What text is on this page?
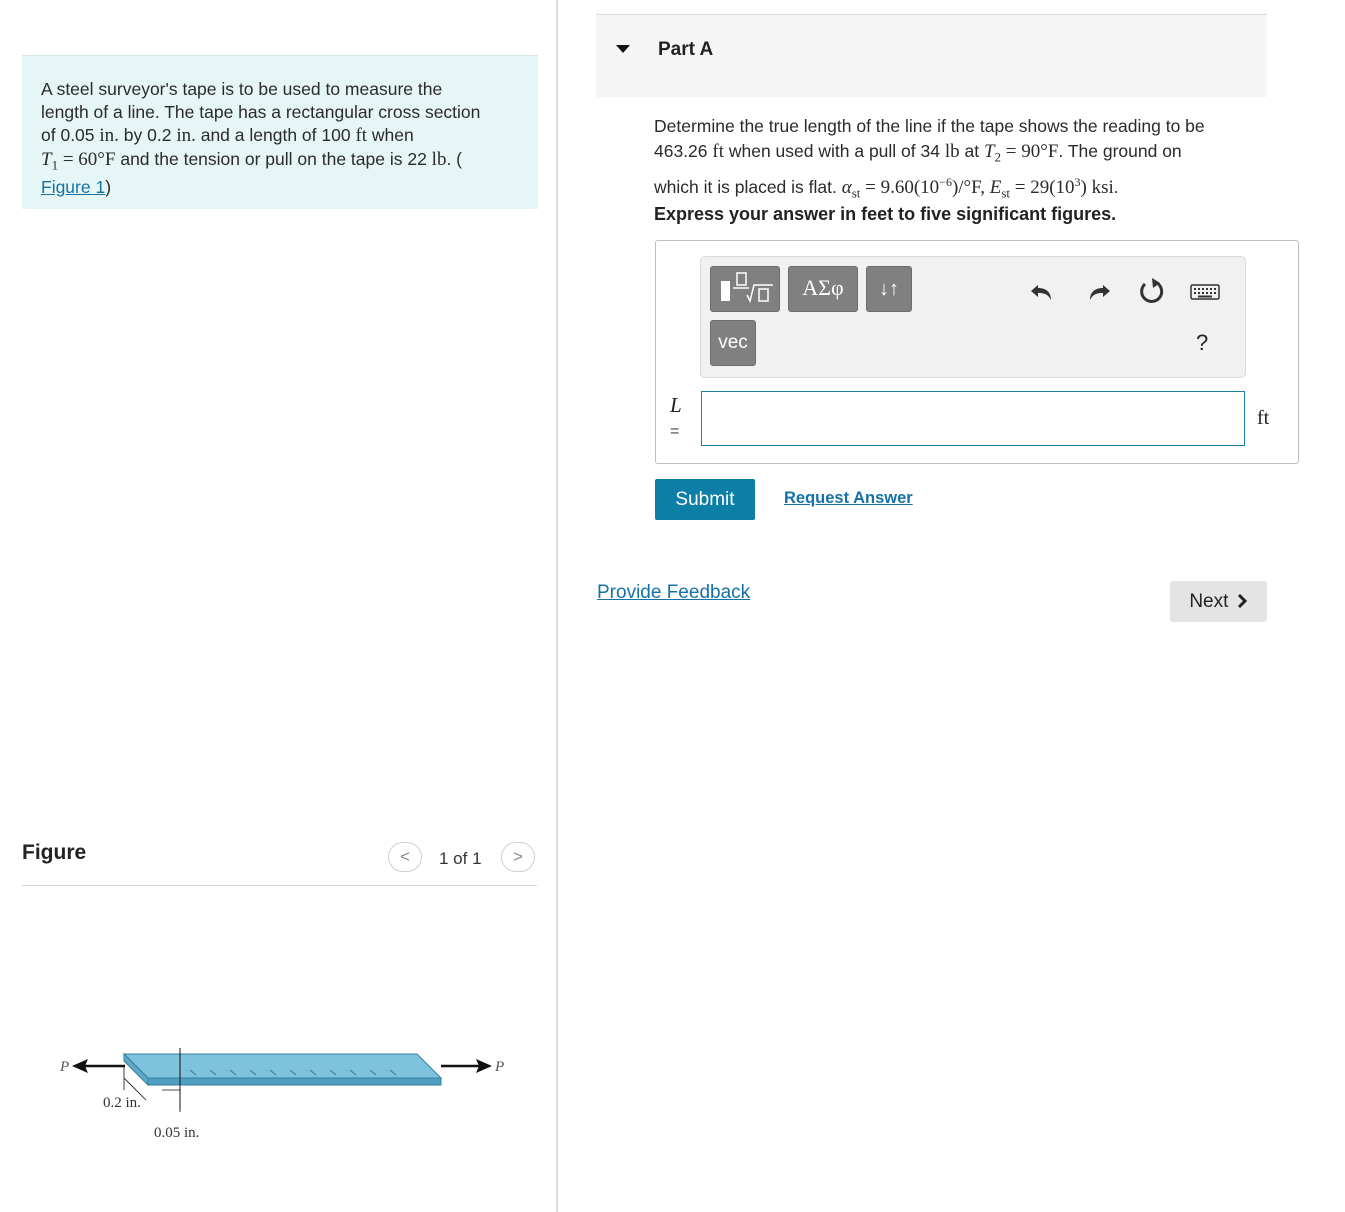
A steel surveyor's tape is to be used to measure the
length of a line. The tape has a rectangular cross section
of 0.05 in. by 0.2 in. and a length of 100 ft when
$T_1 = 60^\circ F$ and the tension or pull on the tape is 22 lb. (
Figure 1)
Figure	<	1 of 1	>
P	P
0.2 in.
0.05 in.
Part A
Determine the true length of the line if the tape shows the reading to be
463.26 ft when used with a pull of 34 lb at $T_2 = 90^\circ F$. The ground on
which it is placed is flat. $\alpha_{st} = 9.60(10^{-6})/^\circ F$, $E_{st} = 29(10^3)$ ksi.
Express your answer in feet to five significant figures.
ΑΣφ	↓↑
vec	?
L
=
ft
Submit	Request Answer
Provide Feedback	Next
